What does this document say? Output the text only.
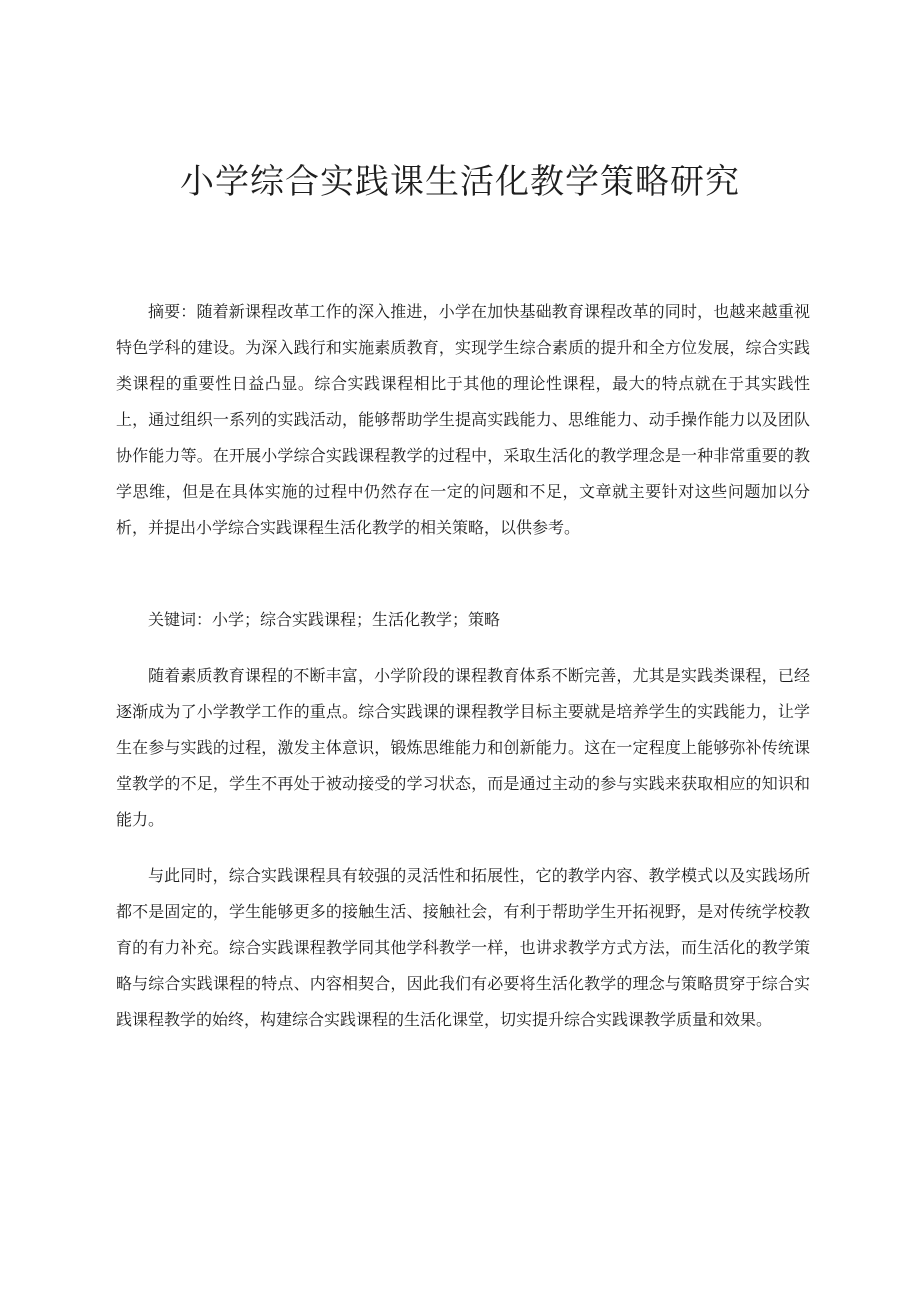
小学综合实践课生活化教学策略研究

摘要：随着新课程改革工作的深入推进，小学在加快基础教育课程改革的同时，也越来越重视特色学科的建设。为深入践行和实施素质教育，实现学生综合素质的提升和全方位发展，综合实践类课程的重要性日益凸显。综合实践课程相比于其他的理论性课程，最大的特点就在于其实践性上，通过组织一系列的实践活动，能够帮助学生提高实践能力、思维能力、动手操作能力以及团队协作能力等。在开展小学综合实践课程教学的过程中，采取生活化的教学理念是一种非常重要的教学思维，但是在具体实施的过程中仍然存在一定的问题和不足，文章就主要针对这些问题加以分析，并提出小学综合实践课程生活化教学的相关策略，以供参考。

关键词：小学；综合实践课程；生活化教学；策略

随着素质教育课程的不断丰富，小学阶段的课程教育体系不断完善，尤其是实践类课程，已经逐渐成为了小学教学工作的重点。综合实践课的课程教学目标主要就是培养学生的实践能力，让学生在参与实践的过程，激发主体意识，锻炼思维能力和创新能力。这在一定程度上能够弥补传统课堂教学的不足，学生不再处于被动接受的学习状态，而是通过主动的参与实践来获取相应的知识和能力。

与此同时，综合实践课程具有较强的灵活性和拓展性，它的教学内容、教学模式以及实践场所都不是固定的，学生能够更多的接触生活、接触社会，有利于帮助学生开拓视野，是对传统学校教育的有力补充。综合实践课程教学同其他学科教学一样，也讲求教学方式方法，而生活化的教学策略与综合实践课程的特点、内容相契合，因此我们有必要将生活化教学的理念与策略贯穿于综合实践课程教学的始终，构建综合实践课程的生活化课堂，切实提升综合实践课教学质量和效果。
